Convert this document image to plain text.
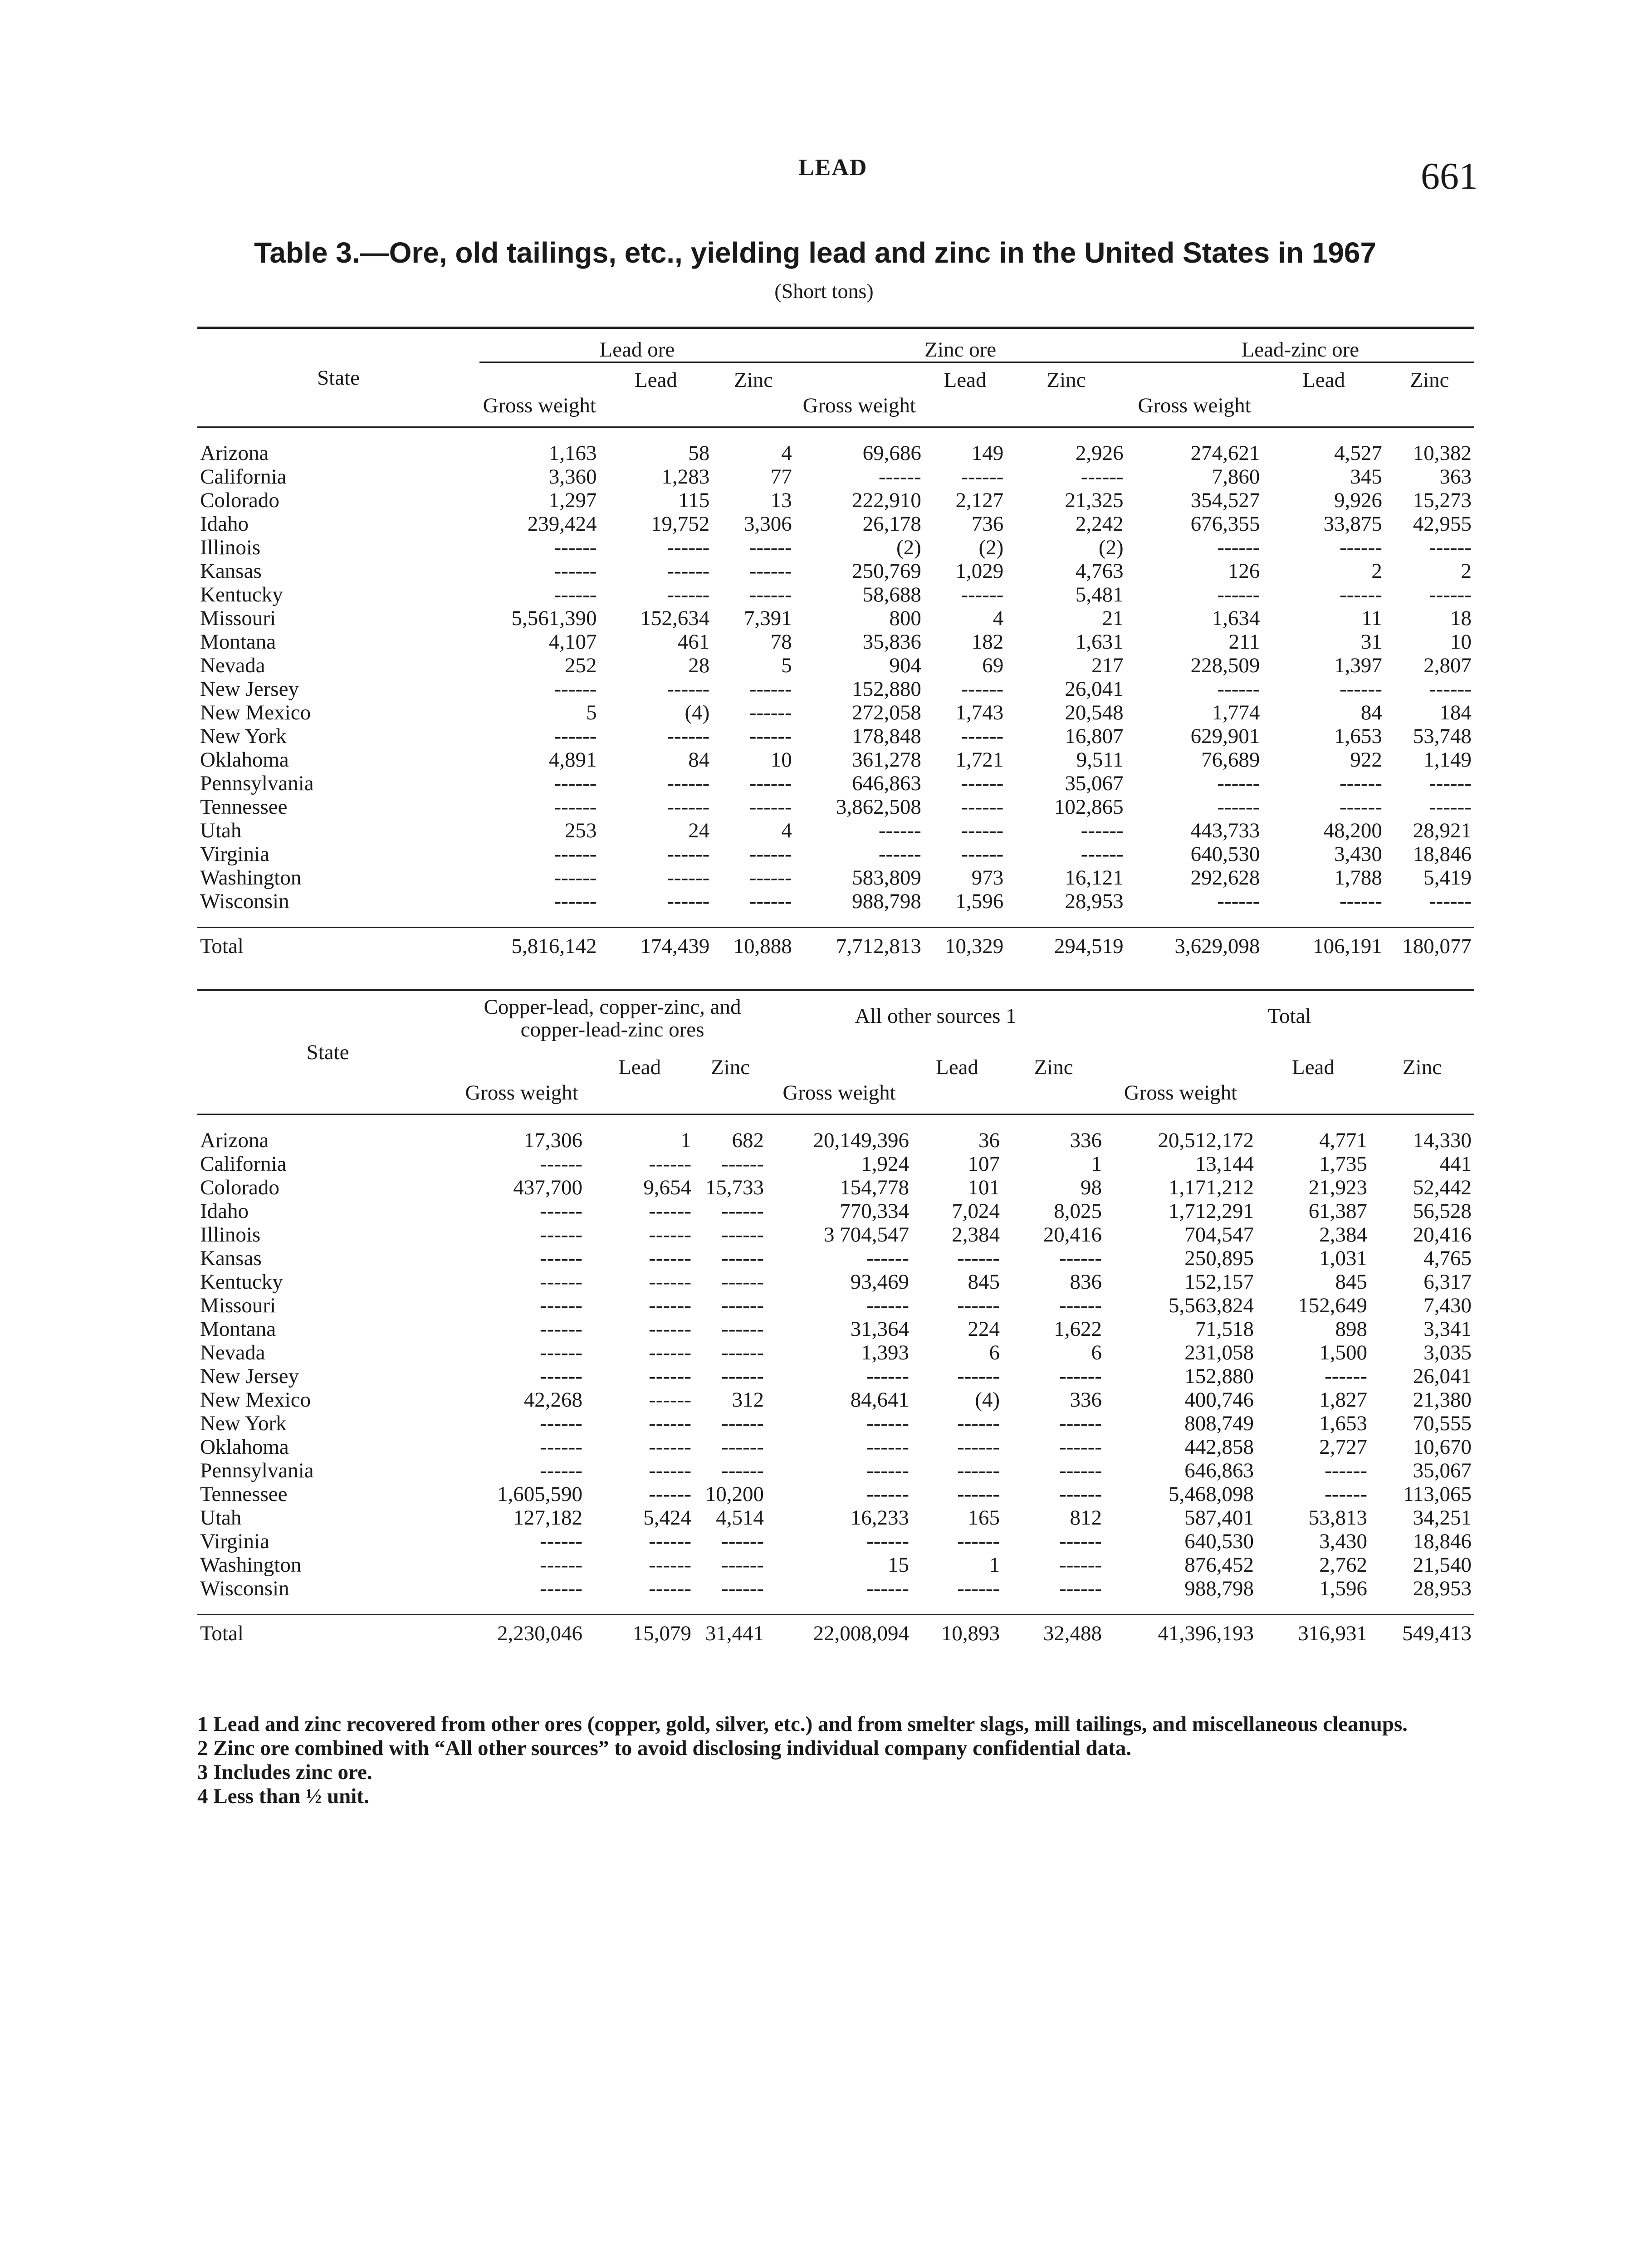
LEAD	661
Table 3.—Ore, old tailings, etc., yielding lead and zinc in the United States in 1967
(Short tons)
State	Lead ore			Zinc ore			Lead-zinc ore		
	Gross weight	Lead	Zinc	Gross weight	Lead	Zinc	Gross weight	Lead	Zinc

Arizona	1,163	58	4	69,686	149	2,926	274,621	4,527	10,382
California	3,360	1,283	77	------	------	------	7,860	345	363
Colorado	1,297	115	13	222,910	2,127	21,325	354,527	9,926	15,273
Idaho	239,424	19,752	3,306	26,178	736	2,242	676,355	33,875	42,955
Illinois	------	------	------	(2)	(2)	(2)	------	------	------
Kansas	------	------	------	250,769	1,029	4,763	126	2	2
Kentucky	------	------	------	58,688	------	5,481	------	------	------
Missouri	5,561,390	152,634	7,391	800	4	21	1,634	11	18
Montana	4,107	461	78	35,836	182	1,631	211	31	10
Nevada	252	28	5	904	69	217	228,509	1,397	2,807
New Jersey	------	------	------	152,880	------	26,041	------	------	------
New Mexico	5	(4)	------	272,058	1,743	20,548	1,774	84	184
New York	------	------	------	178,848	------	16,807	629,901	1,653	53,748
Oklahoma	4,891	84	10	361,278	1,721	9,511	76,689	922	1,149
Pennsylvania	------	------	------	646,863	------	35,067	------	------	------
Tennessee	------	------	------	3,862,508	------	102,865	------	------	------
Utah	253	24	4	------	------	------	443,733	48,200	28,921
Virginia	------	------	------	------	------	------	640,530	3,430	18,846
Washington	------	------	------	583,809	973	16,121	292,628	1,788	5,419
Wisconsin	------	------	------	988,798	1,596	28,953	------	------	------

Total	5,816,142	174,439	10,888	7,712,813	10,329	294,519	3,629,098	106,191	180,077
State	Copper-lead, copper-zinc, and copper-lead-zinc ores			All other sources 1			Total		
	Gross weight	Lead	Zinc	Gross weight	Lead	Zinc	Gross weight	Lead	Zinc

Arizona	17,306	1	682	20,149,396	36	336	20,512,172	4,771	14,330
California	------	------	------	1,924	107	1	13,144	1,735	441
Colorado	437,700	9,654	15,733	154,778	101	98	1,171,212	21,923	52,442
Idaho	------	------	------	770,334	7,024	8,025	1,712,291	61,387	56,528
Illinois	------	------	------	3 704,547	2,384	20,416	704,547	2,384	20,416
Kansas	------	------	------	------	------	------	250,895	1,031	4,765
Kentucky	------	------	------	93,469	845	836	152,157	845	6,317
Missouri	------	------	------	------	------	------	5,563,824	152,649	7,430
Montana	------	------	------	31,364	224	1,622	71,518	898	3,341
Nevada	------	------	------	1,393	6	6	231,058	1,500	3,035
New Jersey	------	------	------	------	------	------	152,880	------	26,041
New Mexico	42,268	------	312	84,641	(4)	336	400,746	1,827	21,380
New York	------	------	------	------	------	------	808,749	1,653	70,555
Oklahoma	------	------	------	------	------	------	442,858	2,727	10,670
Pennsylvania	------	------	------	------	------	------	646,863	------	35,067
Tennessee	1,605,590	------	10,200	------	------	------	5,468,098	------	113,065
Utah	127,182	5,424	4,514	16,233	165	812	587,401	53,813	34,251
Virginia	------	------	------	------	------	------	640,530	3,430	18,846
Washington	------	------	------	15	1	------	876,452	2,762	21,540
Wisconsin	------	------	------	------	------	------	988,798	1,596	28,953

Total	2,230,046	15,079	31,441	22,008,094	10,893	32,488	41,396,193	316,931	549,413
1 Lead and zinc recovered from other ores (copper, gold, silver, etc.) and from smelter slags, mill tailings, and miscellaneous cleanups.
2 Zinc ore combined with “All other sources” to avoid disclosing individual company confidential data.
3 Includes zinc ore.
4 Less than ½ unit.
